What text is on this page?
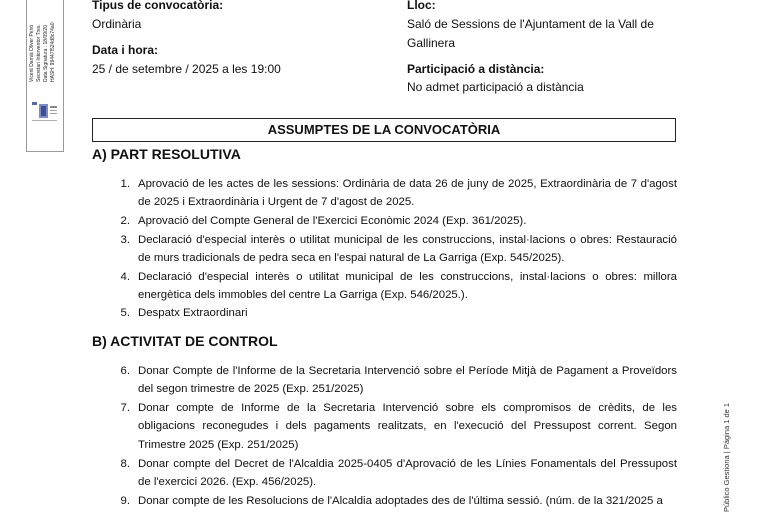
Vicent Damià Oliver Peiró Secretari Interventor Tres. Data Signatura : 18/09/20 HASH: 99447f524d8c74a0
Público Gestiona | Página 1 de 1
Tipus de convocatòria:
Ordinària
Data i hora:
25 / de setembre / 2025 a les 19:00
Lloc:
Saló de Sessions de l'Ajuntament de la Vall de Gallinera
Participació a distància:
No admet participació a distància
ASSUMPTES DE LA CONVOCATÒRIA
A) PART RESOLUTIVA
1. Aprovació de les actes de les sessions: Ordinària de data 26 de juny de 2025, Extraordinària de 7 d'agost de 2025 i Extraordinària i Urgent de 7 d'agost de 2025.
2. Aprovació del Compte General de l'Exercici Econòmic 2024 (Exp. 361/2025).
3. Declaració d'especial interès o utilitat municipal de les construccions, instal·lacions o obres: Restauració de murs tradicionals de pedra seca en l'espai natural de La Garriga (Exp. 545/2025).
4. Declaració d'especial interès o utilitat municipal de les construccions, instal·lacions o obres: millora energètica dels immobles del centre La Garriga (Exp. 546/2025.).
5. Despatx Extraordinari
B) ACTIVITAT DE CONTROL
6. Donar Compte de l'Informe de la Secretaria Intervenció sobre el Període Mitjà de Pagament a Proveïdors del segon trimestre de 2025 (Exp. 251/2025)
7. Donar compte de Informe de la Secretaria Intervenció sobre els compromisos de crèdits, de les obligacions reconegudes i dels pagaments realitzats, en l'execució del Pressupost corrent. Segon Trimestre 2025 (Exp. 251/2025)
8. Donar compte del Decret de l'Alcaldia 2025-0405 d'Aprovació de les Línies Fonamentals del Pressupost de l'exercici 2026. (Exp. 456/2025).
9. Donar compte de les Resolucions de l'Alcaldia adoptades des de l'última sessió. (núm. de la 321/2025 a
